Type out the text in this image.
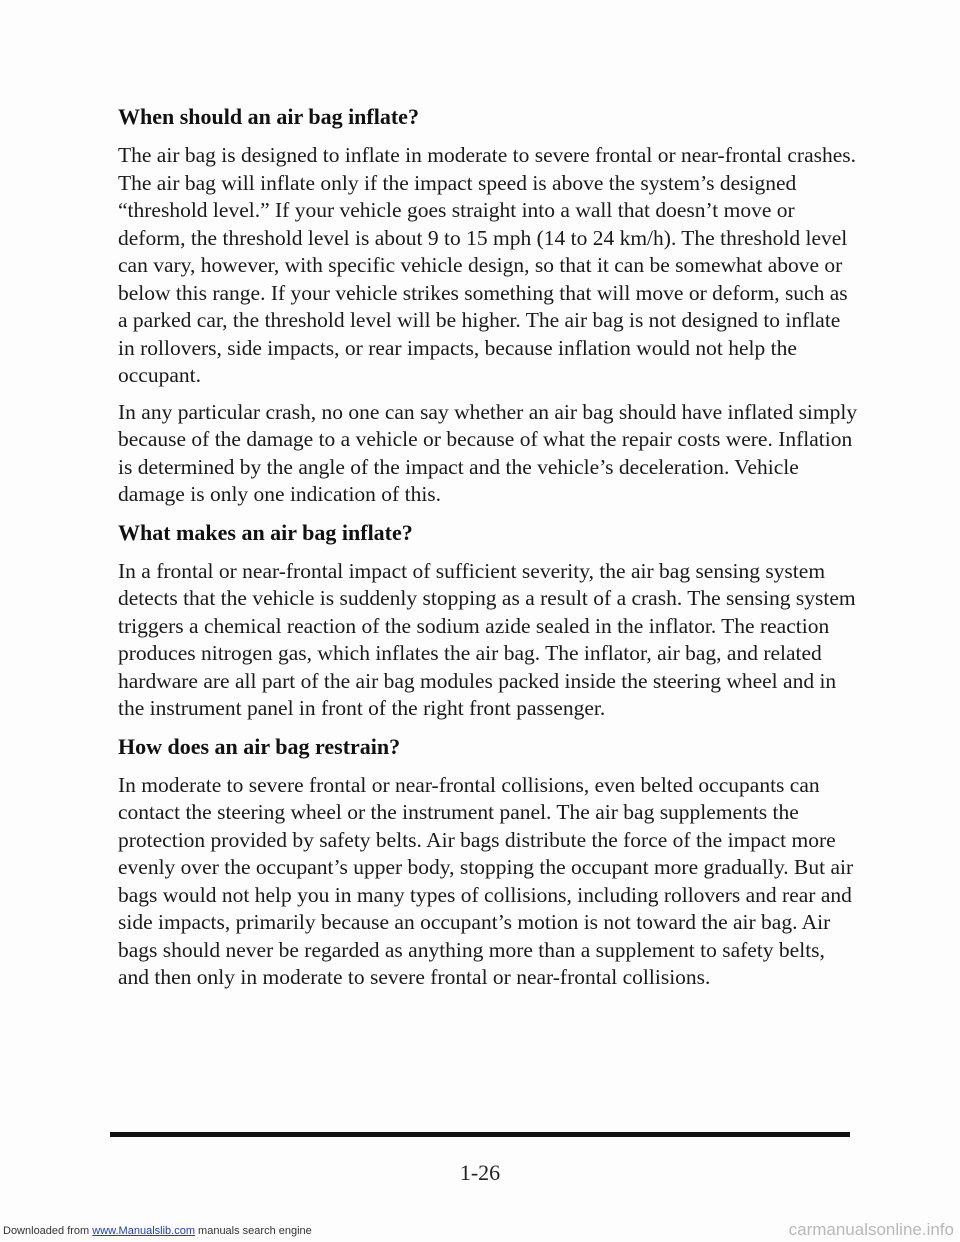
When should an air bag inflate?

The air bag is designed to inflate in moderate to severe frontal or near-frontal crashes. The air bag will inflate only if the impact speed is above the system’s designed “threshold level.” If your vehicle goes straight into a wall that doesn’t move or deform, the threshold level is about 9 to 15 mph (14 to 24 km/h). The threshold level can vary, however, with specific vehicle design, so that it can be somewhat above or below this range. If your vehicle strikes something that will move or deform, such as a parked car, the threshold level will be higher. The air bag is not designed to inflate in rollovers, side impacts, or rear impacts, because inflation would not help the occupant.

In any particular crash, no one can say whether an air bag should have inflated simply because of the damage to a vehicle or because of what the repair costs were. Inflation is determined by the angle of the impact and the vehicle’s deceleration. Vehicle damage is only one indication of this.

What makes an air bag inflate?

In a frontal or near-frontal impact of sufficient severity, the air bag sensing system detects that the vehicle is suddenly stopping as a result of a crash. The sensing system triggers a chemical reaction of the sodium azide sealed in the inflator. The reaction produces nitrogen gas, which inflates the air bag. The inflator, air bag, and related hardware are all part of the air bag modules packed inside the steering wheel and in the instrument panel in front of the right front passenger.

How does an air bag restrain?

In moderate to severe frontal or near-frontal collisions, even belted occupants can contact the steering wheel or the instrument panel. The air bag supplements the protection provided by safety belts. Air bags distribute the force of the impact more evenly over the occupant’s upper body, stopping the occupant more gradually. But air bags would not help you in many types of collisions, including rollovers and rear and side impacts, primarily because an occupant’s motion is not toward the air bag. Air bags should never be regarded as anything more than a supplement to safety belts, and then only in moderate to severe frontal or near-frontal collisions.

1-26
Downloaded from www.Manualslib.com manuals search engine	carmanualsonline.info
